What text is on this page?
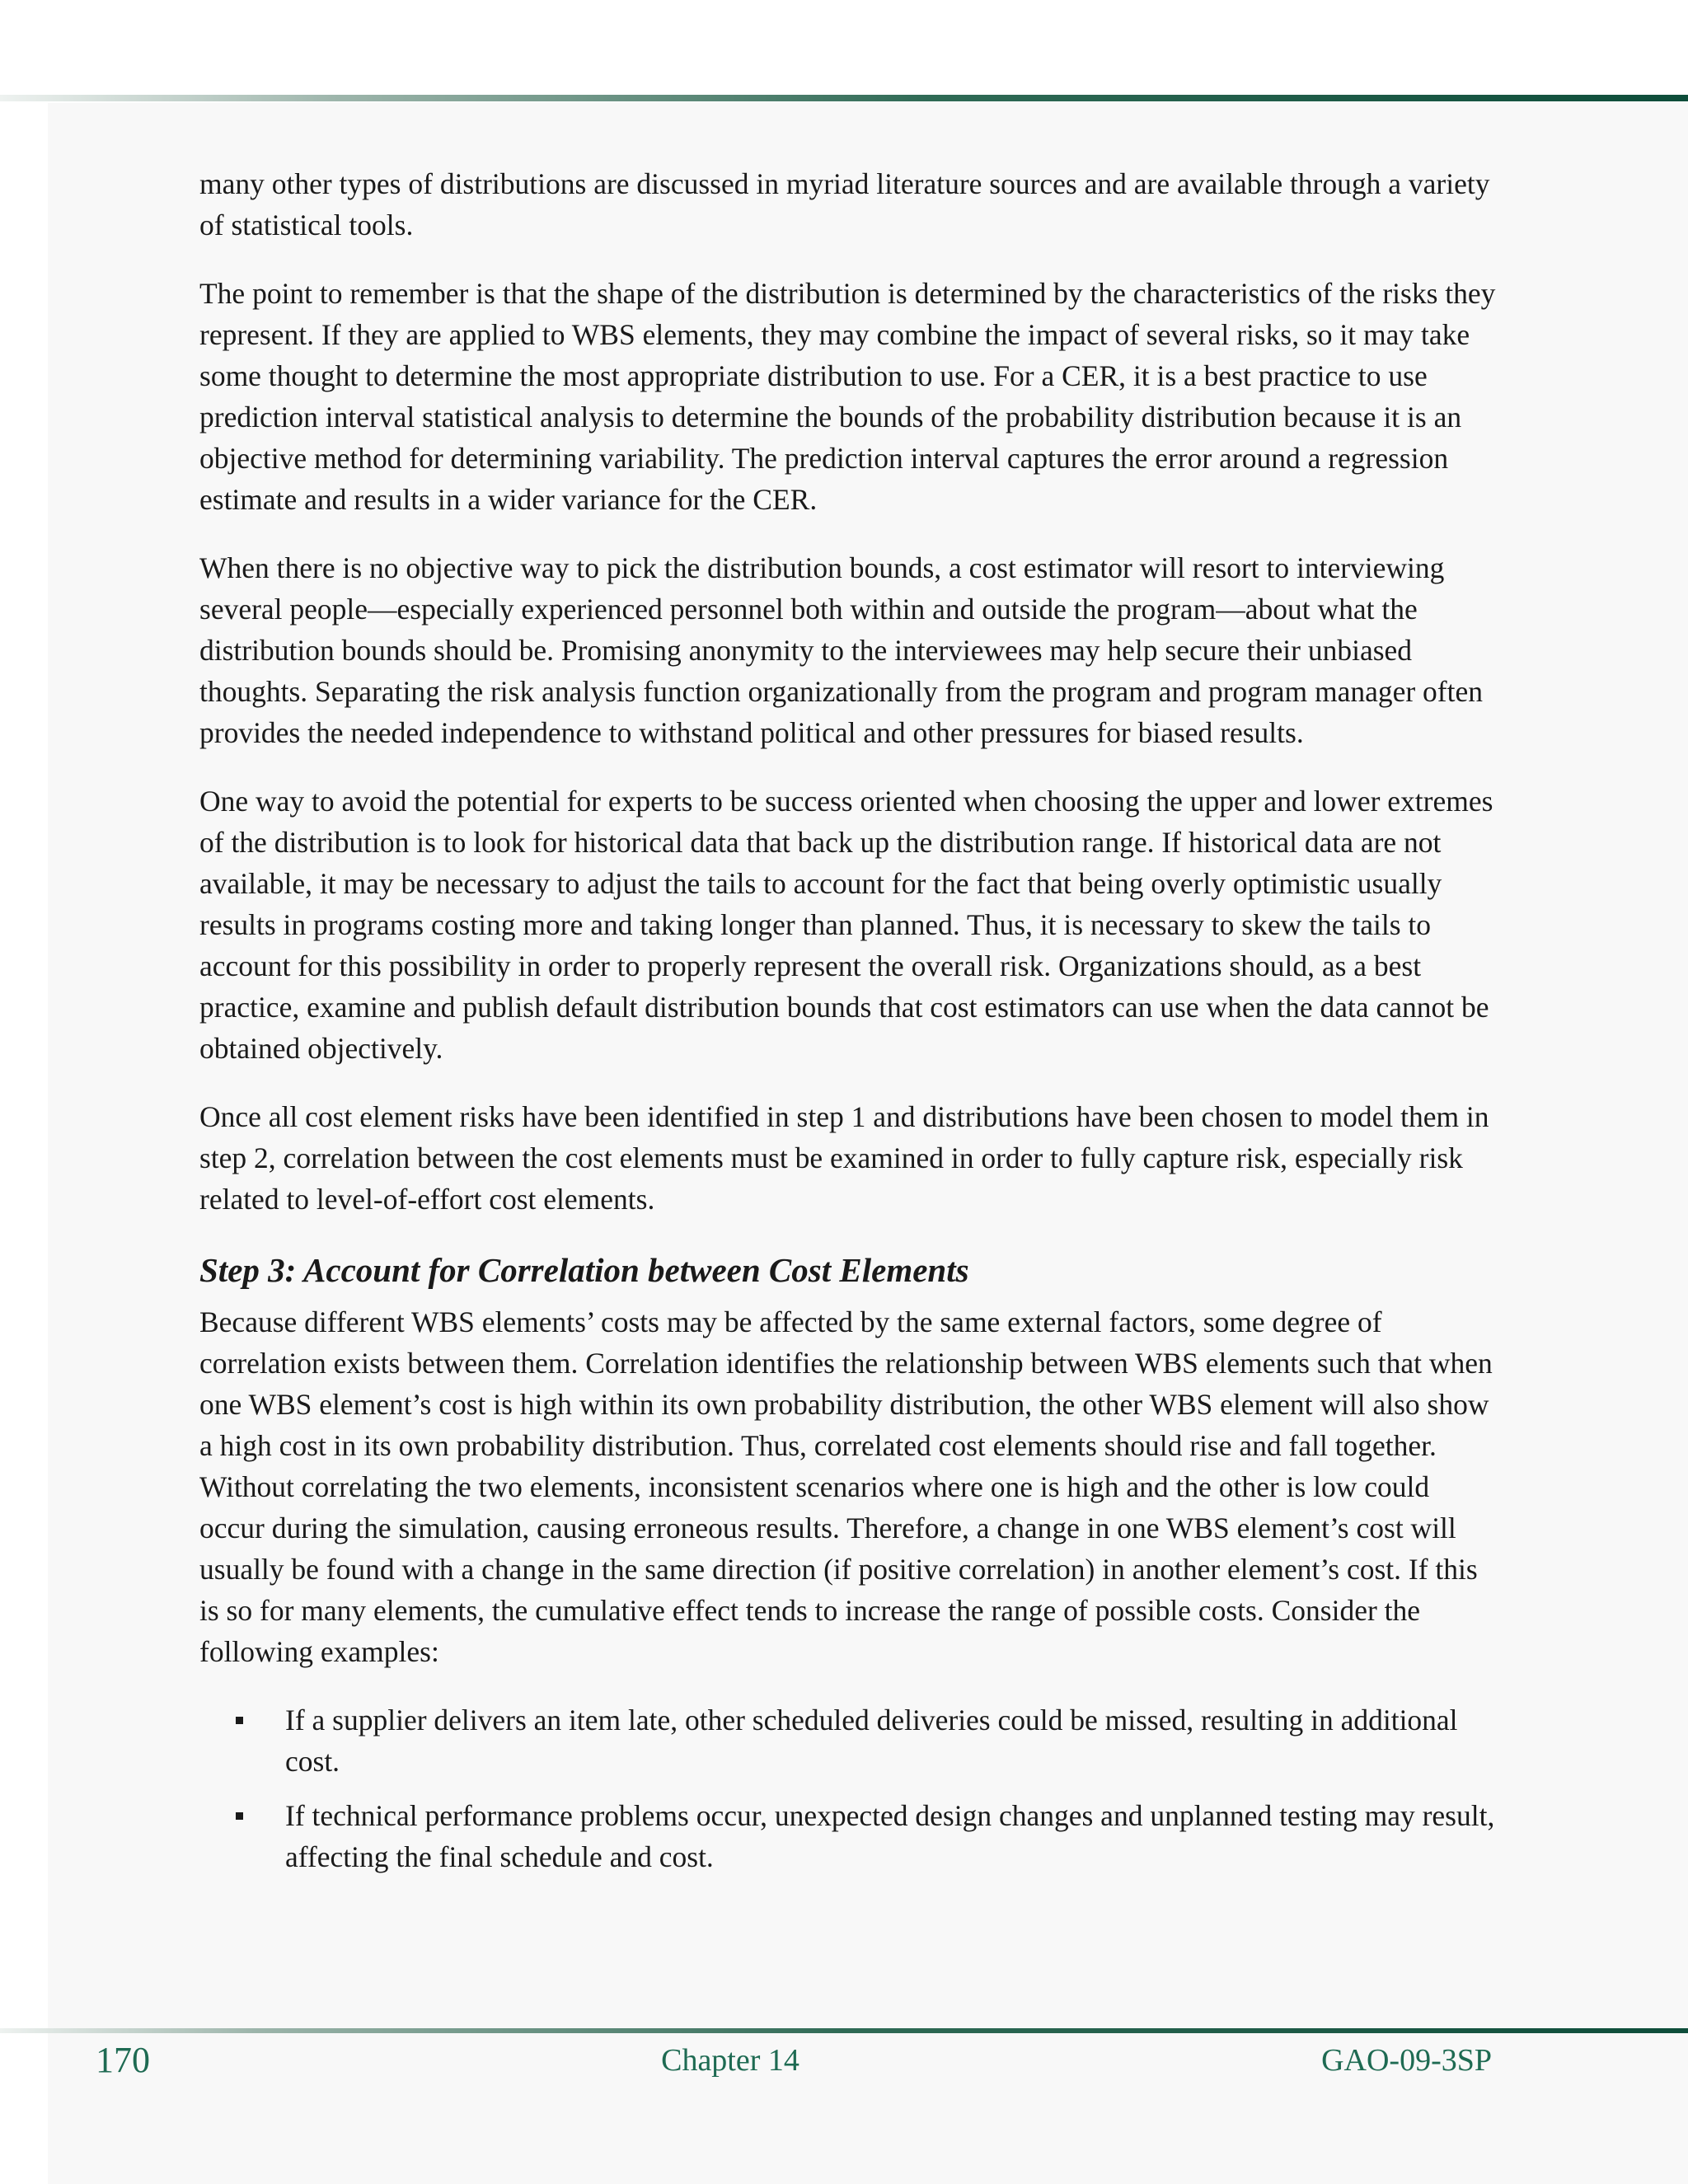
many other types of distributions are discussed in myriad literature sources and are available through a variety of statistical tools.

The point to remember is that the shape of the distribution is determined by the characteristics of the risks they represent. If they are applied to WBS elements, they may combine the impact of several risks, so it may take some thought to determine the most appropriate distribution to use. For a CER, it is a best practice to use prediction interval statistical analysis to determine the bounds of the probability distribution because it is an objective method for determining variability. The prediction interval captures the error around a regression estimate and results in a wider variance for the CER.

When there is no objective way to pick the distribution bounds, a cost estimator will resort to interviewing several people—especially experienced personnel both within and outside the program—about what the distribution bounds should be. Promising anonymity to the interviewees may help secure their unbiased thoughts. Separating the risk analysis function organizationally from the program and program manager often provides the needed independence to withstand political and other pressures for biased results.

One way to avoid the potential for experts to be success oriented when choosing the upper and lower extremes of the distribution is to look for historical data that back up the distribution range. If historical data are not available, it may be necessary to adjust the tails to account for the fact that being overly optimistic usually results in programs costing more and taking longer than planned. Thus, it is necessary to skew the tails to account for this possibility in order to properly represent the overall risk. Organizations should, as a best practice, examine and publish default distribution bounds that cost estimators can use when the data cannot be obtained objectively.

Once all cost element risks have been identified in step 1 and distributions have been chosen to model them in step 2, correlation between the cost elements must be examined in order to fully capture risk, especially risk related to level-of-effort cost elements.

Step 3: Account for Correlation between Cost Elements

Because different WBS elements’ costs may be affected by the same external factors, some degree of correlation exists between them. Correlation identifies the relationship between WBS elements such that when one WBS element’s cost is high within its own probability distribution, the other WBS element will also show a high cost in its own probability distribution. Thus, correlated cost elements should rise and fall together. Without correlating the two elements, inconsistent scenarios where one is high and the other is low could occur during the simulation, causing erroneous results. Therefore, a change in one WBS element’s cost will usually be found with a change in the same direction (if positive correlation) in another element’s cost. If this is so for many elements, the cumulative effect tends to increase the range of possible costs. Consider the following examples:

If a supplier delivers an item late, other scheduled deliveries could be missed, resulting in additional cost.
If technical performance problems occur, unexpected design changes and unplanned testing may result, affecting the final schedule and cost.
170	Chapter 14	GAO-09-3SP
